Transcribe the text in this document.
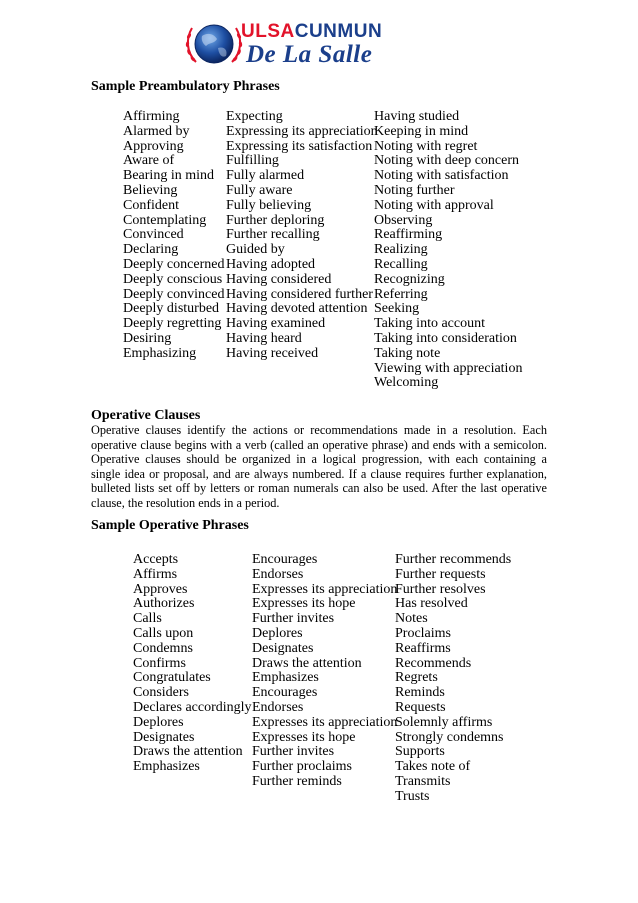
ULSACUNMUN
De La Salle
Sample Preambulatory Phrases
Affirming
Alarmed by
Approving
Aware of
Bearing in mind
Believing
Confident
Contemplating
Convinced
Declaring
Deeply concerned
Deeply conscious
Deeply convinced
Deeply disturbed
Deeply regretting
Desiring
Emphasizing
Expecting
Expressing its appreciation
Expressing its satisfaction
Fulfilling
Fully alarmed
Fully aware
Fully believing
Further deploring
Further recalling
Guided by
Having adopted
Having considered
Having considered further
Having devoted attention
Having examined
Having heard
Having received
Having studied
Keeping in mind
Noting with regret
Noting with deep concern
Noting with satisfaction
Noting further
Noting with approval
Observing
Reaffirming
Realizing
Recalling
Recognizing
Referring
Seeking
Taking into account
Taking into consideration
Taking note
Viewing with appreciation
Welcoming
Operative Clauses

Operative clauses identify the actions or recommendations made in a resolution. Each operative clause begins with a verb (called an operative phrase) and ends with a semicolon. Operative clauses should be organized in a logical progression, with each containing a single idea or proposal, and are always numbered. If a clause requires further explanation, bulleted lists set off by letters or roman numerals can also be used. After the last operative clause, the resolution ends in a period.

Sample Operative Phrases
Accepts
Affirms
Approves
Authorizes
Calls
Calls upon
Condemns
Confirms
Congratulates
Considers
Declares accordingly
Deplores
Designates
Draws the attention
Emphasizes
Encourages
Endorses
Expresses its appreciation
Expresses its hope
Further invites
Deplores
Designates
Draws the attention
Emphasizes
Encourages
Endorses
Expresses its appreciation
Expresses its hope
Further invites
Further proclaims
Further reminds
Further recommends
Further requests
Further resolves
Has resolved
Notes
Proclaims
Reaffirms
Recommends
Regrets
Reminds
Requests
Solemnly affirms
Strongly condemns
Supports
Takes note of
Transmits
Trusts
